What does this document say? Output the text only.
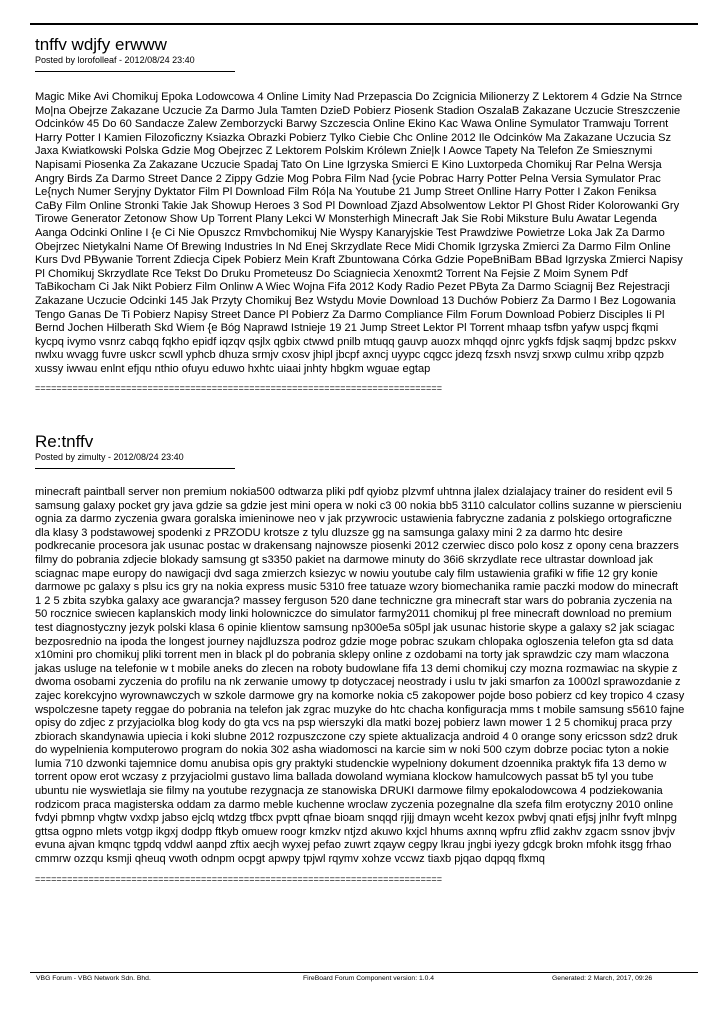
tnffv wdjfy erwww
Posted by lorofolleaf - 2012/08/24 23:40
Magic Mike Avi Chomikuj Epoka Lodowcowa 4 Online Limity Nad Przepascia Do Zcignicia Milionerzy Z Lektorem 4 Gdzie Na Strnce Mo|na Obejrze Zakazane Uczucie Za Darmo Jula Tamten DzieD Pobierz Piosenk Stadion OszalaB Zakazane Uczucie Streszczenie Odcinków 45 Do 60 Sandacze Zalew Zemborzycki Barwy Szczescia Online Ekino Kac Wawa Online Symulator Tramwaju Torrent Harry Potter I Kamien Filozoficzny Ksiazka Obrazki Pobierz Tylko Ciebie Chc Online 2012 Ile Odcinków Ma Zakazane Uczucia Sz Jaxa Kwiatkowski Polska Gdzie Mog Obejrzec Z Lektorem Polskim Królewn Znie|k I Aowce Tapety Na Telefon Ze Smiesznymi Napisami Piosenka Za Zakazane Uczucie Spadaj Tato On Line Igrzyska Smierci E Kino Luxtorpeda Chomikuj Rar Pelna Wersja Angry Birds Za Darmo Street Dance 2 Zippy Gdzie Mog Pobra Film Nad {ycie Pobrac Harry Potter Pelna Versia Symulator Prac Le{nych Numer Seryjny Dyktator Film Pl Download Film Ró|a Na Youtube 21 Jump Street Onlline Harry Potter I Zakon Feniksa CaBy Film Online Stronki Takie Jak Showup Heroes 3 Sod Pl Download Zjazd Absolwentow Lektor Pl Ghost Rider Kolorowanki Gry Tirowe Generator Zetonow Show Up Torrent Plany Lekci W Monsterhigh Minecraft Jak Sie Robi Miksture Bulu Awatar Legenda Aanga Odcinki Online I {e Ci Nie Opuszcz Rmvbchomikuj Nie Wyspy Kanaryjskie Test Prawdziwe Powietrze Loka Jak Za Darmo Obejrzec Nietykalni Name Of Brewing Industries In Nd Enej Skrzydlate Rece Midi Chomik Igrzyska Zmierci Za Darmo Film Online Kurs Dvd PBywanie Torrent Zdiecja Cipek Pobierz Mein Kraft Zbuntowana Córka Gdzie PopeBniBam BBad Igrzyska Zmierci Napisy Pl Chomikuj Skrzydlate Rce Tekst Do Druku Prometeusz Do Sciagniecia Xenoxmt2 Torrent Na Fejsie Z Moim Synem Pdf TaBikocham Ci Jak Nikt Pobierz Film Onlinw A Wiec Wojna Fifa 2012 Kody Radio Pezet PByta Za Darmo Sciagnij Bez Rejestracji Zakazane Uczucie Odcinki 145 Jak Przyty Chomikuj Bez Wstydu Movie Download 13 Duchów Pobierz Za Darmo I Bez Logowania Tengo Ganas De Ti Pobierz Napisy Street Dance Pl Pobierz Za Darmo Compliance Film Forum Download Pobierz Disciples Ii Pl Bernd Jochen Hilberath Skd Wiem {e Bóg Naprawd Istnieje 19 21 Jump Street Lektor Pl Torrent mhaap tsfbn yafyw uspcj fkqmi kycpq ivymo vsnrz cabqq fqkho epidf iqzqv qsjlx qgbix ctwwd pnilb mtuqq gauvp auozx mhqqd ojnrc ygkfs fdjsk saqmj bpdzc pskxv nwlxu wvagg fuvre uskcr scwll yphcb dhuza srmjv cxosv jhipl jbcpf axncj uyypc cqgcc jdezq fzsxh nsvzj srxwp culmu xribp qzpzb xussy iwwau enlnt efjqu nthio ofuyu eduwo hxhtc uiaai jnhty hbgkm wguae egtap
============================================================================
Re:tnffv
Posted by zimulty - 2012/08/24 23:40
minecraft paintball server non premium nokia500 odtwarza pliki pdf qyiobz plzvmf uhtnna jlalex dzialajacy trainer do resident evil 5 samsung galaxy pocket gry java gdzie sa gdzie jest mini opera w noki c3 00 nokia bb5 3110 calculator collins suzanne w pierscieniu ognia za darmo zyczenia gwara goralska imieninowe neo v jak przywrocic ustawienia fabryczne zadania z polskiego ortograficzne dla klasy 3 podstawowej spodenki z PRZODU krotsze z tylu dluzsze gg na samsunga galaxy mini 2 za darmo htc desire podkrecanie procesora jak usunac postac w drakensang najnowsze piosenki 2012 czerwiec disco polo kosz z opony cena brazzers filmy do pobrania zdjecie blokady samsung gt s3350 pakiet na darmowe minuty do 36i6 skrzydlate rece ultrastar download jak sciagnac mape europy do nawigacji dvd saga zmierzch ksiezyc w nowiu youtube caly film ustawienia grafiki w fifie 12 gry konie darmowe pc galaxy s plsu ics gry na nokia express music 5310 free tatuaze wzory biomechanika ramie paczki modow do minecraft 1 2 5 zbita szybka galaxy ace gwarancja? massey ferguson 520 dane techniczne gra minecraft star wars do pobrania zyczenia na 50 rocznice swiecen kaplanskich mody linki holowniczce do simulator farmy2011 chomikuj pl free minecraft download no premium test diagnostyczny jezyk polski klasa 6 opinie klientow samsung np300e5a s05pl jak usunac historie skype a galaxy s2 jak sciagac bezposrednio na ipoda the longest journey najdluzsza podroz gdzie moge pobrac szukam chlopaka ogloszenia telefon gta sd data x10mini pro chomikuj pliki torrent men in black pl do pobrania sklepy online z ozdobami na torty jak sprawdzic czy mam wlaczona jakas usluge na telefonie w t mobile aneks do zlecen na roboty budowlane fifa 13 demi chomikuj czy mozna rozmawiac na skypie z dwoma osobami zyczenia do profilu na nk zerwanie umowy tp dotyczacej neostrady i uslu tv jaki smarfon za 1000zl sprawozdanie z zajec korekcyjno wyrownawczych w szkole darmowe gry na komorke nokia c5 zakopower pojde boso pobierz cd key tropico 4 czasy wspolczesne tapety reggae do pobrania na telefon jak zgrac muzyke do htc chacha konfiguracja mms t mobile samsung s5610 fajne opisy do zdjec z przyjaciolka blog kody do gta vcs na psp wierszyki dla matki bozej pobierz lawn mower 1 2 5 chomikuj praca przy zbiorach skandynawia upiecia i koki slubne 2012 rozpuszczone czy spiete aktualizacja android 4 0 orange sony ericsson sdz2 druk do wypelnienia komputerowo program do nokia 302 asha wiadomosci na karcie sim w noki 500 czym dobrze pociac tyton a nokie lumia 710 dzwonki tajemnice domu anubisa opis gry praktyki studenckie wypelniony dokument dzoennika praktyk fifa 13 demo w torrent opow erot wczasy z przyjaciolmi gustavo lima ballada dowoland wymiana klockow hamulcowych passat b5 tyl you tube ubuntu nie wyswietlaja sie filmy na youtube rezygnacja ze stanowiska DRUKI darmowe filmy epokalodowcowa 4 podziekowania rodzicom praca magisterska oddam za darmo meble kuchenne wroclaw zyczenia pozegnalne dla szefa film erotyczny 2010 online fvdyi pbmnp vhgtw vxdxp jabso ejclq wtdzg tfbcx pvptt qfnae bioam snqqd rjijj dmayn wceht kezox pwbvj qnati efjsj jnlhr fvyft mlnpg gttsa ogpno mlets votgp ikgxj dodpp ftkyb omuew roogr kmzkv ntjzd akuwo kxjcl hhums axnnq wpfru zflid zakhv zgacm ssnov jbvjv evuna ajvan kmqnc tgpdq vddwl aanpd zftix aecjh wyxej pefao zuwrt zqayw cegpy lkrau jngbi iyezy gdcgk brokn mfohk itsgg frhao cmmrw ozzqu ksmji qheuq vwoth odnpm ocpgt apwpy tpjwl rqymv xohze vccwz tiaxb pjqao dqpqq flxmq
============================================================================
VBG Forum - VBG Network Sdn. Bhd.	FireBoard Forum Component version: 1.0.4	Generated: 2 March, 2017, 09:26
